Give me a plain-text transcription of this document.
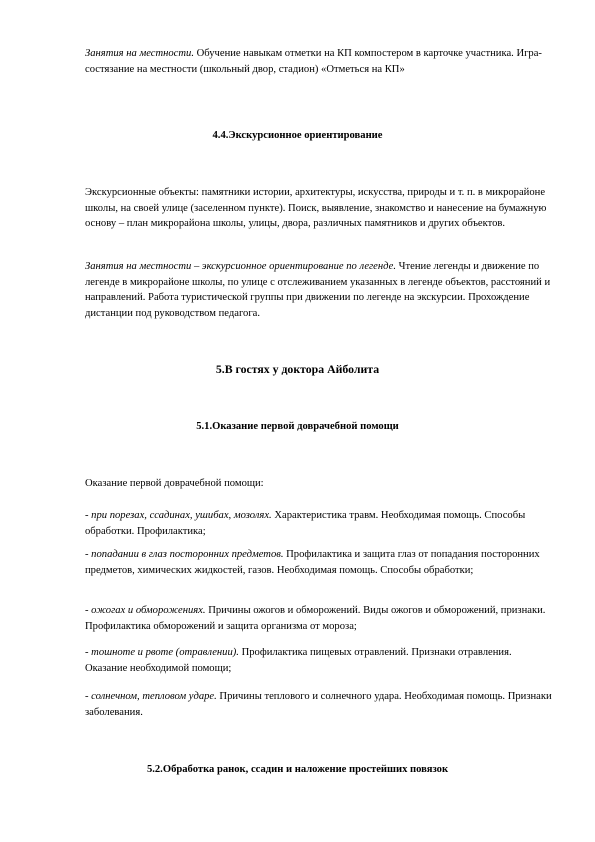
Занятия на местности. Обучение навыкам отметки на КП компостером в карточке участника. Игра-состязание на местности (школьный двор, стадион) «Отметься на КП»

4.4.Экскурсионное ориентирование

Экскурсионные объекты: памятники истории, архитектуры, искусства, природы и т. п. в микрорайоне школы, на своей улице (заселенном пункте). Поиск, выявление, знакомство и нанесение на бумажную основу – план микрорайона школы, улицы, двора, различных памятников и других объектов.

Занятия на местности – экскурсионное ориентирование по легенде. Чтение легенды и движение по легенде в микрорайоне школы, по улице с отслеживанием указанных в легенде объектов, расстояний и направлений. Работа туристической группы при движении по легенде на экскурсии. Прохождение дистанции под руководством педагога.

5.В гостях у доктора Айболита

5.1.Оказание первой доврачебной помощи

Оказание первой доврачебной помощи:

- при порезах, ссадинах, ушибах, мозолях. Характеристика травм. Необходимая помощь. Способы обработки. Профилактика;

- попадании в глаз посторонних предметов. Профилактика и защита глаз от попадания посторонних предметов, химических жидкостей, газов. Необходимая помощь. Способы обработки;

- ожогах и обморожениях. Причины ожогов и обморожений. Виды ожогов и обморожений, признаки. Профилактика обморожений и защита организма от мороза;

- тошноте и рвоте (отравлении). Профилактика пищевых отравлений. Признаки отравления. Оказание необходимой помощи;

- солнечном, тепловом ударе. Причины теплового и солнечного удара. Необходимая помощь. Признаки заболевания.

5.2.Обработка ранок, ссадин и наложение простейших повязок
